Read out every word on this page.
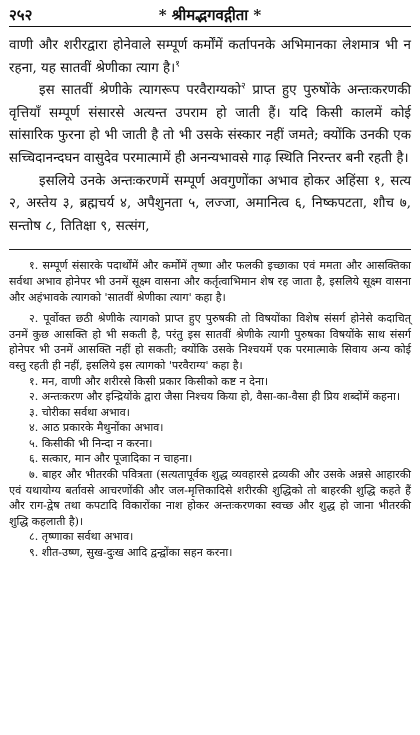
२५२	* श्रीमद्भगवद्गीता *

वाणी और शरीरद्वारा होनेवाले सम्पूर्ण कर्मोंमें कर्तापनके अभिमानका लेशमात्र भी न रहना, यह सातवीं श्रेणीका त्याग है।$^१$

इस सातवीं श्रेणीके त्यागरूप परवैराग्यको$^२$ प्राप्त हुए पुरुषोंके अन्तःकरणकी वृत्तियाँ सम्पूर्ण संसारसे अत्यन्त उपराम हो जाती हैं। यदि किसी कालमें कोई सांसारिक फुरना हो भी जाती है तो भी उसके संस्कार नहीं जमते; क्योंकि उनकी एक सच्चिदानन्दघन वासुदेव परमात्मामें ही अनन्यभावसे गाढ़ स्थिति निरन्तर बनी रहती है।

इसलिये उनके अन्तःकरणमें सम्पूर्ण अवगुणोंका अभाव होकर अहिंसा १, सत्य २, अस्तेय ३, ब्रह्मचर्य ४, अपैशुनता ५, लज्जा, अमानित्व ६, निष्कपटता, शौच ७, सन्तोष ८, तितिक्षा ९, सत्संग,

१. सम्पूर्ण संसारके पदार्थोंमें और कर्मोंमें तृष्णा और फलकी इच्छाका एवं ममता और आसक्तिका सर्वथा अभाव होनेपर भी उनमें सूक्ष्म वासना और कर्तृत्वाभिमान शेष रह जाता है, इसलिये सूक्ष्म वासना और अहंभावके त्यागको 'सातवीं श्रेणीका त्याग' कहा है।

२. पूर्वोक्त छठी श्रेणीके त्यागको प्राप्त हुए पुरुषकी तो विषयोंका विशेष संसर्ग होनेसे कदाचित् उनमें कुछ आसक्ति हो भी सकती है, परंतु इस सातवीं श्रेणीके त्यागी पुरुषका विषयोंके साथ संसर्ग होनेपर भी उनमें आसक्ति नहीं हो सकती; क्योंकि उसके निश्चयमें एक परमात्माके सिवाय अन्य कोई वस्तु रहती ही नहीं, इसलिये इस त्यागको 'परवैराग्य' कहा है।

१. मन, वाणी और शरीरसे किसी प्रकार किसीको कष्ट न देना।

२. अन्तःकरण और इन्द्रियोंके द्वारा जैसा निश्चय किया हो, वैसा-का-वैसा ही प्रिय शब्दोंमें कहना।

३. चोरीका सर्वथा अभाव।

४. आठ प्रकारके मैथुनोंका अभाव।

५. किसीकी भी निन्दा न करना।

६. सत्कार, मान और पूजादिका न चाहना।

७. बाहर और भीतरकी पवित्रता (सत्यतापूर्वक शुद्ध व्यवहारसे द्रव्यकी और उसके अन्नसे आहारकी एवं यथायोग्य बर्तावसे आचरणोंकी और जल-मृत्तिकादिसे शरीरकी शुद्धिको तो बाहरकी शुद्धि कहते हैं और राग-द्वेष तथा कपटादि विकारोंका नाश होकर अन्तःकरणका स्वच्छ और शुद्ध हो जाना भीतरकी शुद्धि कहलाती है)।

८. तृष्णाका सर्वथा अभाव।

९. शीत-उष्ण, सुख-दुःख आदि द्वन्द्वोंका सहन करना।
